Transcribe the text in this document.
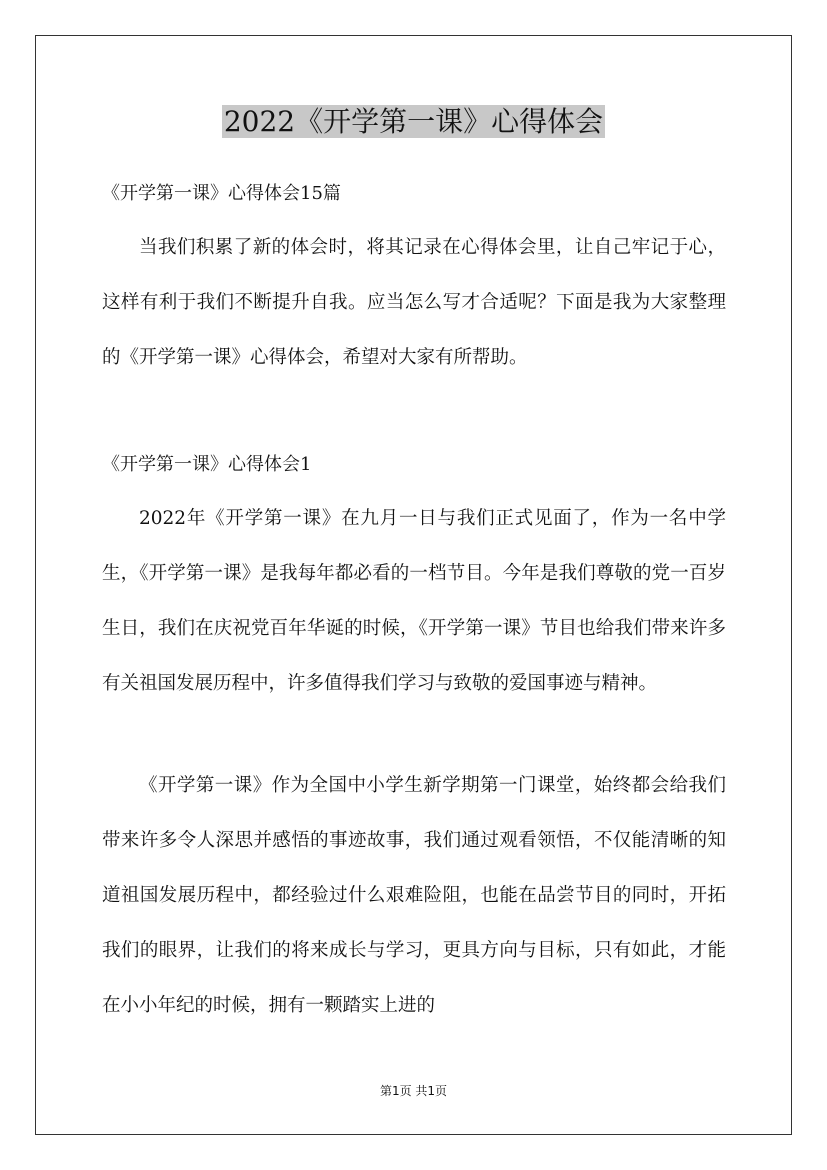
2022《开学第一课》心得体会
《开学第一课》心得体会15篇

当我们积累了新的体会时，将其记录在心得体会里，让自己牢记于心，这样有利于我们不断提升自我。应当怎么写才合适呢？下面是我为大家整理的《开学第一课》心得体会，希望对大家有所帮助。

《开学第一课》心得体会1

2022年《开学第一课》在九月一日与我们正式见面了，作为一名中学生，《开学第一课》是我每年都必看的一档节目。今年是我们尊敬的党一百岁生日，我们在庆祝党百年华诞的时候，《开学第一课》节目也给我们带来许多有关祖国发展历程中，许多值得我们学习与致敬的爱国事迹与精神。

《开学第一课》作为全国中小学生新学期第一门课堂，始终都会给我们带来许多令人深思并感悟的事迹故事，我们通过观看领悟，不仅能清晰的知道祖国发展历程中，都经验过什么艰难险阻，也能在品尝节目的同时，开拓我们的眼界，让我们的将来成长与学习，更具方向与目标，只有如此，才能在小小年纪的时候，拥有一颗踏实上进的

第1页 共1页
